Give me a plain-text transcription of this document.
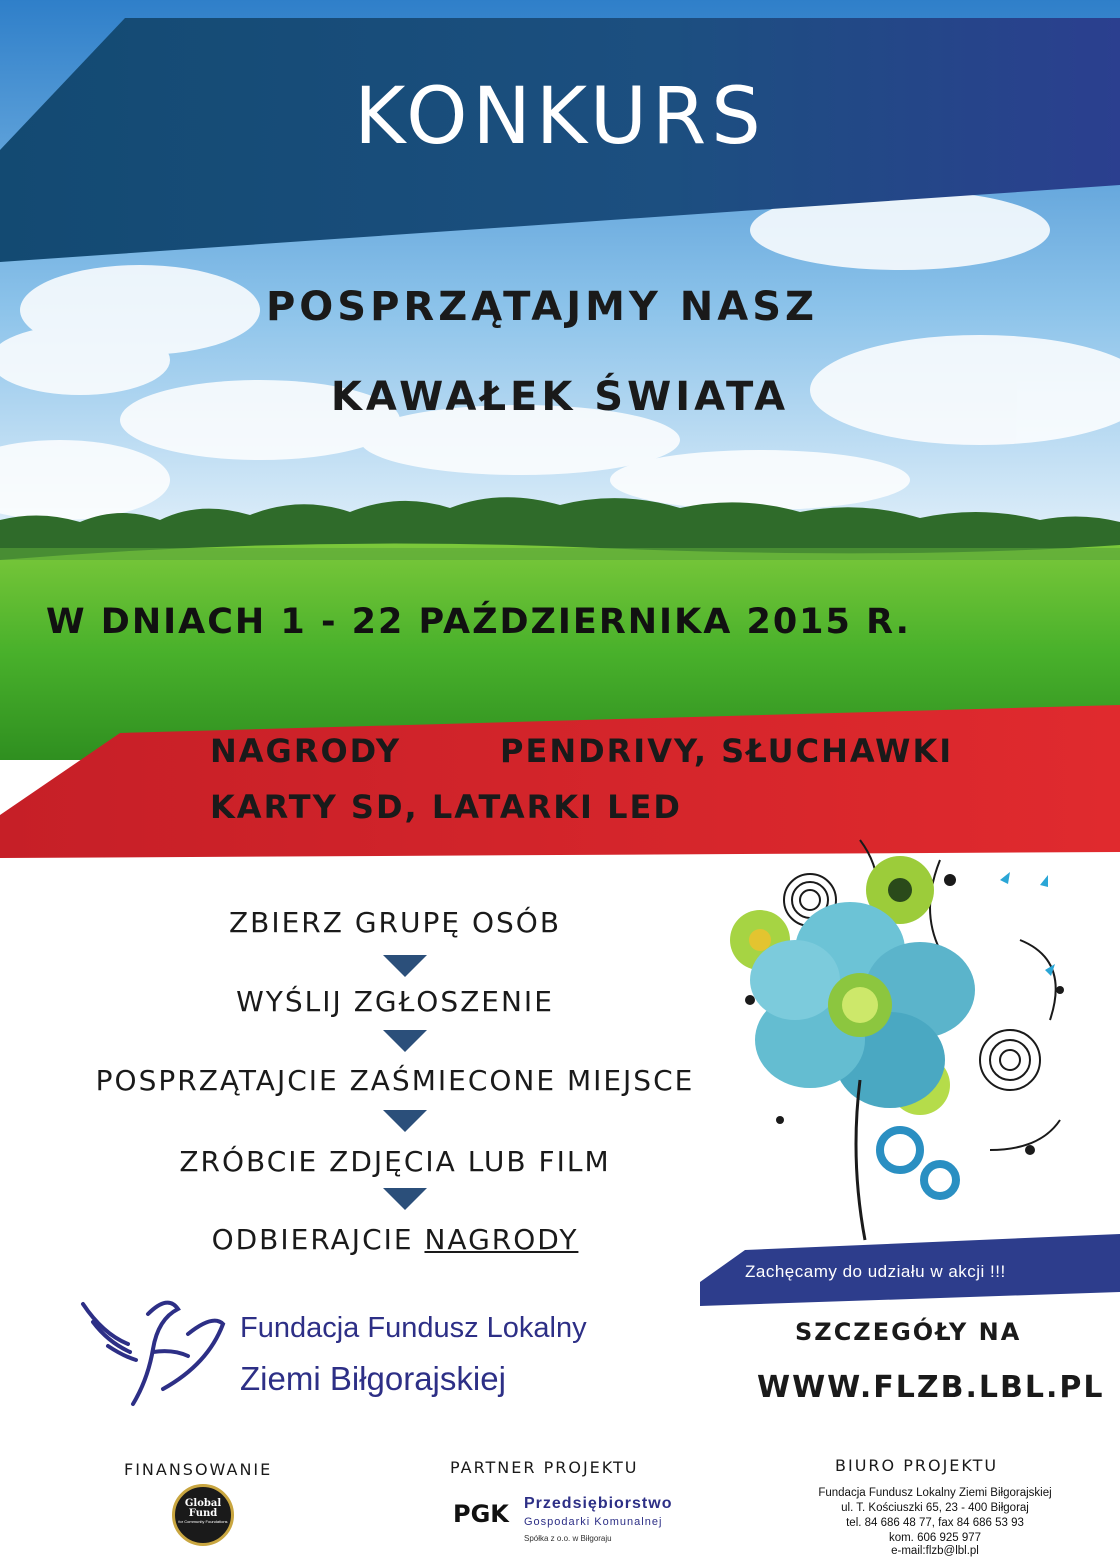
KONKURS
POSPRZĄTAJMY NASZ
KAWAŁEK ŚWIATA
W DNIACH 1 - 22 PAŹDZIERNIKA 2015 R.
NAGRODY	PENDRIVY, SŁUCHAWKI
KARTY SD, LATARKI LED
ZBIERZ GRUPĘ OSÓB
WYŚLIJ ZGŁOSZENIE
POSPRZĄTAJCIE ZAŚMIECONE MIEJSCE
ZRÓBCIE ZDJĘCIA LUB FILM
ODBIERAJCIE NAGRODY
Zachęcamy do udziału w akcji !!!
Fundacja Fundusz Lokalny
Ziemi Biłgorajskiej
SZCZEGÓŁY NA
WWW.FLZB.LBL.PL
FINANSOWANIE
Global
Fund
for Community Foundations
PARTNER PROJEKTU
PGK Przedsiębiorstwo
Gospodarki Komunalnej
Spółka z o.o. w Biłgoraju
BIURO PROJEKTU
Fundacja Fundusz Lokalny Ziemi Biłgorajskiej
ul. T. Kościuszki 65, 23 - 400 Biłgoraj
tel. 84 686 48 77, fax 84 686 53 93
kom. 606 925 977
e-mail:flzb@lbl.pl
